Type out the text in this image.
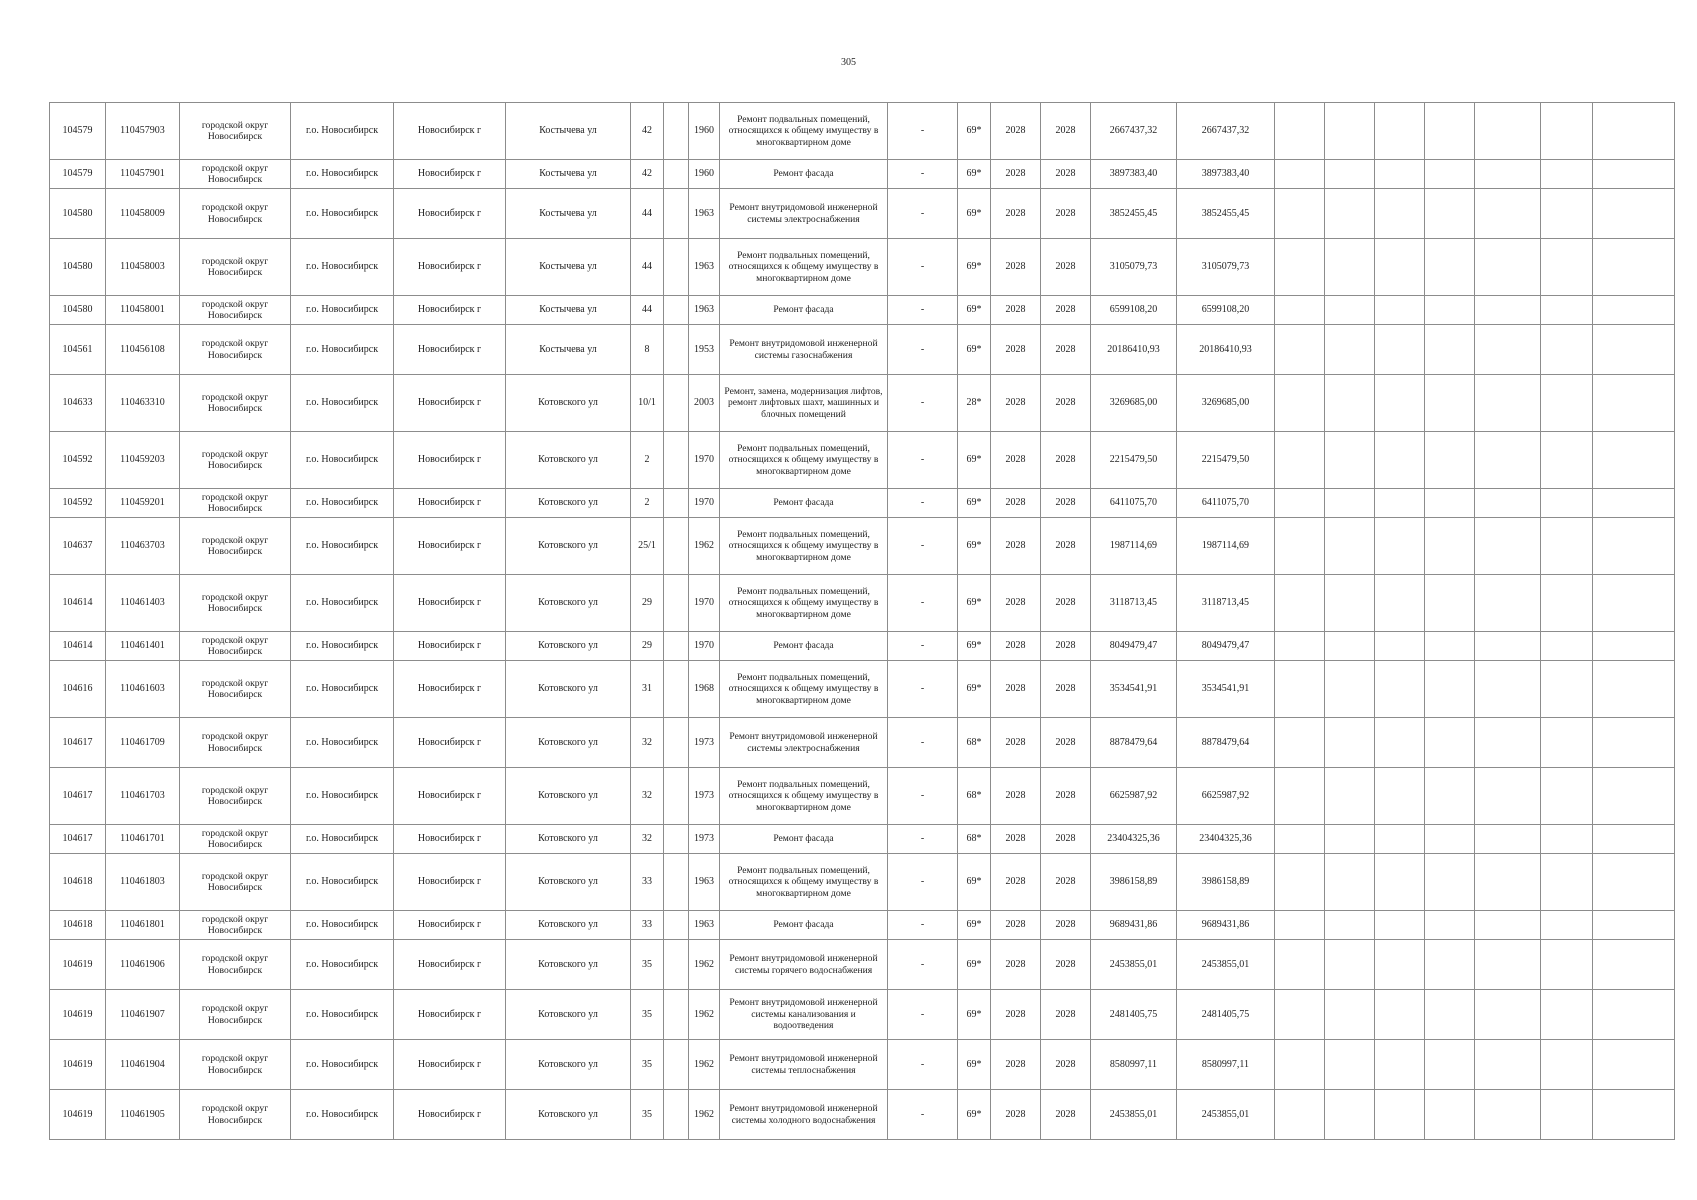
305
104579	110457903	городской округ Новосибирск	г.о. Новосибирск	Новосибирск г	Костычева ул	42		1960	Ремонт подвальных помещений, относящихся к общему имуществу в многоквартирном доме	-	69*	2028	2028	2667437,32	2667437,32							
104579	110457901	городской округ Новосибирск	г.о. Новосибирск	Новосибирск г	Костычева ул	42		1960	Ремонт фасада	-	69*	2028	2028	3897383,40	3897383,40							
104580	110458009	городской округ Новосибирск	г.о. Новосибирск	Новосибирск г	Костычева ул	44		1963	Ремонт внутридомовой инженерной системы электроснабжения	-	69*	2028	2028	3852455,45	3852455,45							
104580	110458003	городской округ Новосибирск	г.о. Новосибирск	Новосибирск г	Костычева ул	44		1963	Ремонт подвальных помещений, относящихся к общему имуществу в многоквартирном доме	-	69*	2028	2028	3105079,73	3105079,73							
104580	110458001	городской округ Новосибирск	г.о. Новосибирск	Новосибирск г	Костычева ул	44		1963	Ремонт фасада	-	69*	2028	2028	6599108,20	6599108,20							
104561	110456108	городской округ Новосибирск	г.о. Новосибирск	Новосибирск г	Костычева ул	8		1953	Ремонт внутридомовой инженерной системы газоснабжения	-	69*	2028	2028	20186410,93	20186410,93							
104633	110463310	городской округ Новосибирск	г.о. Новосибирск	Новосибирск г	Котовского ул	10/1		2003	Ремонт, замена, модернизация лифтов, ремонт лифтовых шахт, машинных и блочных помещений	-	28*	2028	2028	3269685,00	3269685,00							
104592	110459203	городской округ Новосибирск	г.о. Новосибирск	Новосибирск г	Котовского ул	2		1970	Ремонт подвальных помещений, относящихся к общему имуществу в многоквартирном доме	-	69*	2028	2028	2215479,50	2215479,50							
104592	110459201	городской округ Новосибирск	г.о. Новосибирск	Новосибирск г	Котовского ул	2		1970	Ремонт фасада	-	69*	2028	2028	6411075,70	6411075,70							
104637	110463703	городской округ Новосибирск	г.о. Новосибирск	Новосибирск г	Котовского ул	25/1		1962	Ремонт подвальных помещений, относящихся к общему имуществу в многоквартирном доме	-	69*	2028	2028	1987114,69	1987114,69							
104614	110461403	городской округ Новосибирск	г.о. Новосибирск	Новосибирск г	Котовского ул	29		1970	Ремонт подвальных помещений, относящихся к общему имуществу в многоквартирном доме	-	69*	2028	2028	3118713,45	3118713,45							
104614	110461401	городской округ Новосибирск	г.о. Новосибирск	Новосибирск г	Котовского ул	29		1970	Ремонт фасада	-	69*	2028	2028	8049479,47	8049479,47							
104616	110461603	городской округ Новосибирск	г.о. Новосибирск	Новосибирск г	Котовского ул	31		1968	Ремонт подвальных помещений, относящихся к общему имуществу в многоквартирном доме	-	69*	2028	2028	3534541,91	3534541,91							
104617	110461709	городской округ Новосибирск	г.о. Новосибирск	Новосибирск г	Котовского ул	32		1973	Ремонт внутридомовой инженерной системы электроснабжения	-	68*	2028	2028	8878479,64	8878479,64							
104617	110461703	городской округ Новосибирск	г.о. Новосибирск	Новосибирск г	Котовского ул	32		1973	Ремонт подвальных помещений, относящихся к общему имуществу в многоквартирном доме	-	68*	2028	2028	6625987,92	6625987,92							
104617	110461701	городской округ Новосибирск	г.о. Новосибирск	Новосибирск г	Котовского ул	32		1973	Ремонт фасада	-	68*	2028	2028	23404325,36	23404325,36							
104618	110461803	городской округ Новосибирск	г.о. Новосибирск	Новосибирск г	Котовского ул	33		1963	Ремонт подвальных помещений, относящихся к общему имуществу в многоквартирном доме	-	69*	2028	2028	3986158,89	3986158,89							
104618	110461801	городской округ Новосибирск	г.о. Новосибирск	Новосибирск г	Котовского ул	33		1963	Ремонт фасада	-	69*	2028	2028	9689431,86	9689431,86							
104619	110461906	городской округ Новосибирск	г.о. Новосибирск	Новосибирск г	Котовского ул	35		1962	Ремонт внутридомовой инженерной системы горячего водоснабжения	-	69*	2028	2028	2453855,01	2453855,01							
104619	110461907	городской округ Новосибирск	г.о. Новосибирск	Новосибирск г	Котовского ул	35		1962	Ремонт внутридомовой инженерной системы канализования и водоотведения	-	69*	2028	2028	2481405,75	2481405,75							
104619	110461904	городской округ Новосибирск	г.о. Новосибирск	Новосибирск г	Котовского ул	35		1962	Ремонт внутридомовой инженерной системы теплоснабжения	-	69*	2028	2028	8580997,11	8580997,11							
104619	110461905	городской округ Новосибирск	г.о. Новосибирск	Новосибирск г	Котовского ул	35		1962	Ремонт внутридомовой инженерной системы холодного водоснабжения	-	69*	2028	2028	2453855,01	2453855,01							
